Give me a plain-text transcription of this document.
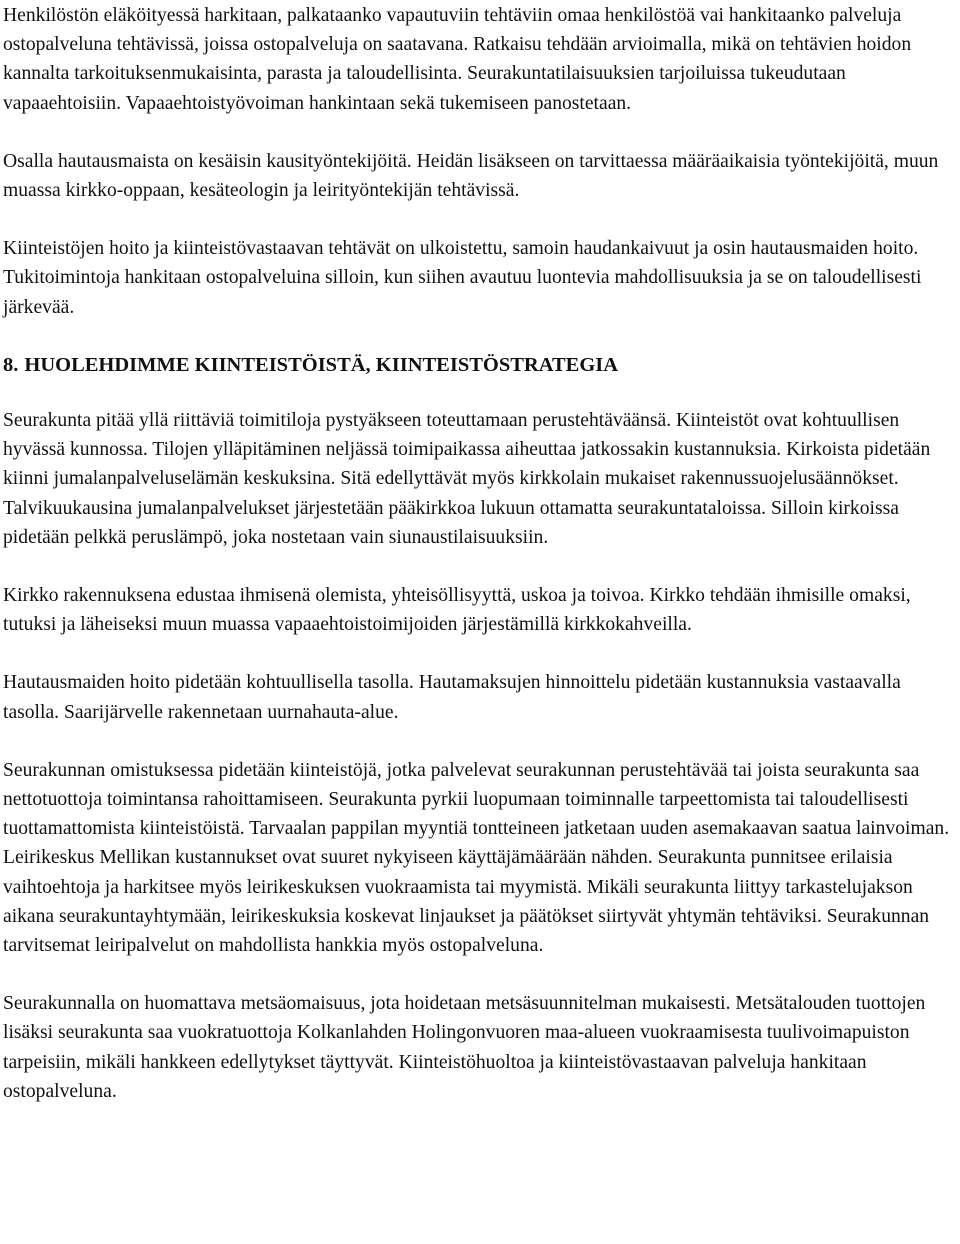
Henkilöstön eläköityessä harkitaan, palkataanko vapautuviin tehtäviin omaa henkilöstöä vai hankitaanko palveluja ostopalveluna tehtävissä, joissa ostopalveluja on saatavana. Ratkaisu tehdään arvioimalla, mikä on tehtävien hoidon kannalta tarkoituksenmukaisinta, parasta ja taloudellisinta. Seurakuntatilaisuuksien tarjoiluissa tukeudutaan vapaaehtoisiin. Vapaaehtoistyövoiman hankintaan sekä tukemiseen panostetaan.

Osalla hautausmaista on kesäisin kausityöntekijöitä. Heidän lisäkseen on tarvittaessa määräaikaisia työntekijöitä, muun muassa kirkko-oppaan, kesäteologin ja leirityöntekijän tehtävissä.

Kiinteistöjen hoito ja kiinteistövastaavan tehtävät on ulkoistettu, samoin haudankaivuut ja osin hautausmaiden hoito. Tukitoimintoja hankitaan ostopalveluina silloin, kun siihen avautuu luontevia mahdollisuuksia ja se on taloudellisesti järkevää.

8. HUOLEHDIMME KIINTEISTÖISTÄ, KIINTEISTÖSTRATEGIA

Seurakunta pitää yllä riittäviä toimitiloja pystyäkseen toteuttamaan perustehtäväänsä. Kiinteistöt ovat kohtuullisen hyvässä kunnossa. Tilojen ylläpitäminen neljässä toimipaikassa aiheuttaa jatkossakin kustannuksia. Kirkoista pidetään kiinni jumalanpalveluselämän keskuksina. Sitä edellyttävät myös kirkkolain mukaiset rakennussuojelusäännökset. Talvikuukausina jumalanpalvelukset järjestetään pääkirkkoa lukuun ottamatta seurakuntataloissa. Silloin kirkoissa pidetään pelkkä peruslämpö, joka nostetaan vain siunaustilaisuuksiin.

Kirkko rakennuksena edustaa ihmisenä olemista, yhteisöllisyyttä, uskoa ja toivoa. Kirkko tehdään ihmisille omaksi, tutuksi ja läheiseksi muun muassa vapaaehtoistoimijoiden järjestämillä kirkkokahveilla.

Hautausmaiden hoito pidetään kohtuullisella tasolla. Hautamaksujen hinnoittelu pidetään kustannuksia vastaavalla tasolla. Saarijärvelle rakennetaan uurnahauta-alue.

Seurakunnan omistuksessa pidetään kiinteistöjä, jotka palvelevat seurakunnan perustehtävää tai joista seurakunta saa nettotuottoja toimintansa rahoittamiseen. Seurakunta pyrkii luopumaan toiminnalle tarpeettomista tai taloudellisesti tuottamattomista kiinteistöistä. Tarvaalan pappilan myyntiä tontteineen jatketaan uuden asemakaavan saatua lainvoiman. Leirikeskus Mellikan kustannukset ovat suuret nykyiseen käyttäjämäärään nähden. Seurakunta punnitsee erilaisia vaihtoehtoja ja harkitsee myös leirikeskuksen vuokraamista tai myymistä. Mikäli seurakunta liittyy tarkastelujakson aikana seurakuntayhtymään, leirikeskuksia koskevat linjaukset ja päätökset siirtyvät yhtymän tehtäviksi. Seurakunnan tarvitsemat leiripalvelut on mahdollista hankkia myös ostopalveluna.

Seurakunnalla on huomattava metsäomaisuus, jota hoidetaan metsäsuunnitelman mukaisesti. Metsätalouden tuottojen lisäksi seurakunta saa vuokratuottoja Kolkanlahden Holingonvuoren maa-alueen vuokraamisesta tuulivoimapuiston tarpeisiin, mikäli hankkeen edellytykset täyttyvät. Kiinteistöhuoltoa ja kiinteistövastaavan palveluja hankitaan ostopalveluna.
